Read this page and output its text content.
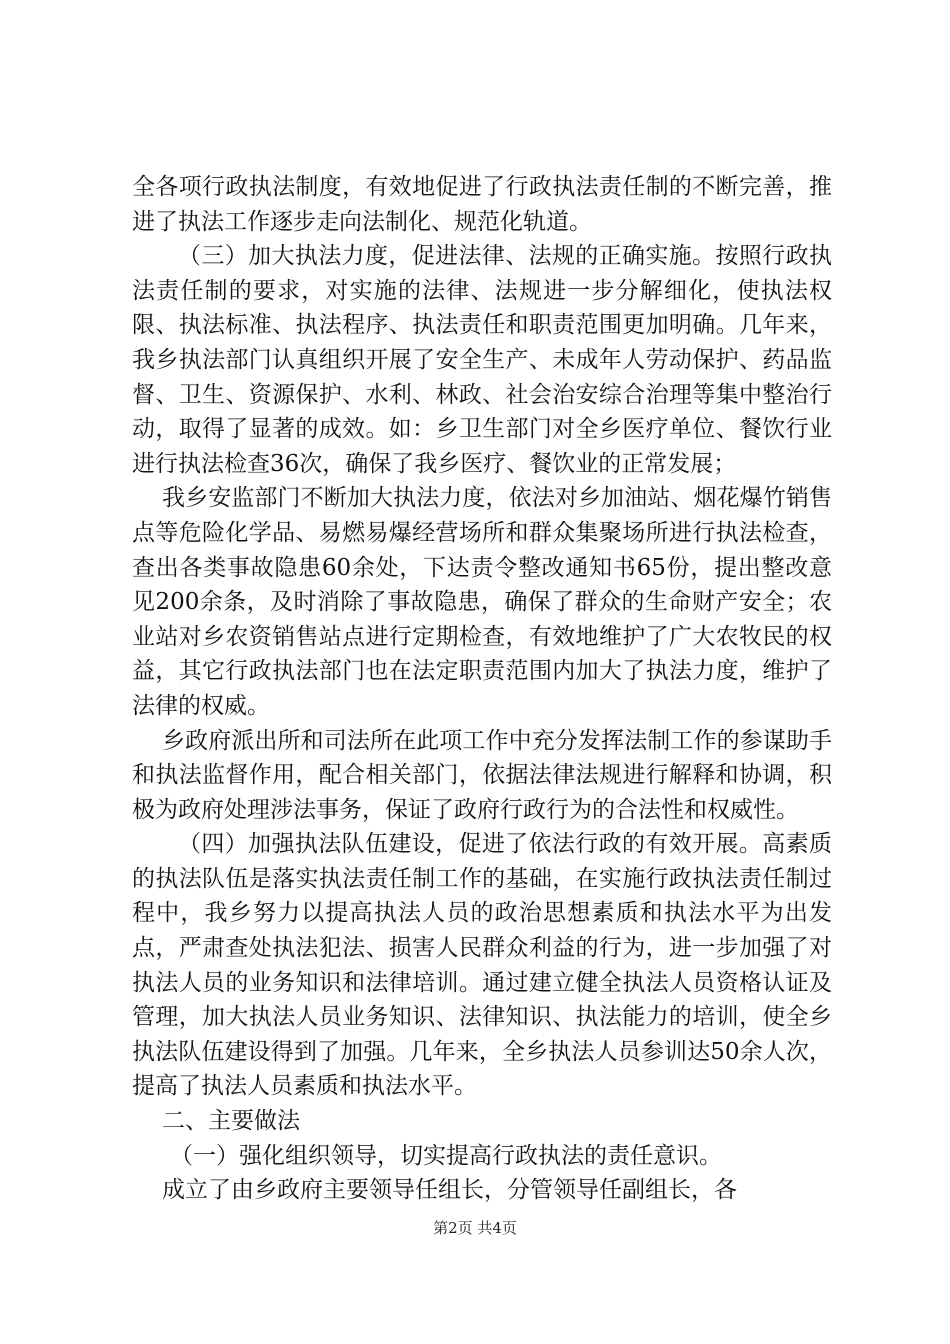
全各项行政执法制度，有效地促进了行政执法责任制的不断完善，推进了执法工作逐步走向法制化、规范化轨道。

（三）加大执法力度，促进法律、法规的正确实施。按照行政执法责任制的要求，对实施的法律、法规进一步分解细化，使执法权限、执法标准、执法程序、执法责任和职责范围更加明确。几年来，我乡执法部门认真组织开展了安全生产、未成年人劳动保护、药品监督、卫生、资源保护、水利、林政、社会治安综合治理等集中整治行动，取得了显著的成效。如：乡卫生部门对全乡医疗单位、餐饮行业进行执法检查36次，确保了我乡医疗、餐饮业的正常发展；

我乡安监部门不断加大执法力度，依法对乡加油站、烟花爆竹销售点等危险化学品、易燃易爆经营场所和群众集聚场所进行执法检查，查出各类事故隐患60余处，下达责令整改通知书65份，提出整改意见200余条，及时消除了事故隐患，确保了群众的生命财产安全；农业站对乡农资销售站点进行定期检查，有效地维护了广大农牧民的权益，其它行政执法部门也在法定职责范围内加大了执法力度，维护了法律的权威。

乡政府派出所和司法所在此项工作中充分发挥法制工作的参谋助手和执法监督作用，配合相关部门，依据法律法规进行解释和协调，积极为政府处理涉法事务，保证了政府行政行为的合法性和权威性。

（四）加强执法队伍建设，促进了依法行政的有效开展。高素质的执法队伍是落实执法责任制工作的基础，在实施行政执法责任制过程中，我乡努力以提高执法人员的政治思想素质和执法水平为出发点，严肃查处执法犯法、损害人民群众利益的行为，进一步加强了对执法人员的业务知识和法律培训。通过建立健全执法人员资格认证及管理，加大执法人员业务知识、法律知识、执法能力的培训，使全乡执法队伍建设得到了加强。几年来，全乡执法人员参训达50余人次，提高了执法人员素质和执法水平。

二、主要做法

（一）强化组织领导，切实提高行政执法的责任意识。

成立了由乡政府主要领导任组长，分管领导任副组长，各

第2页 共4页
